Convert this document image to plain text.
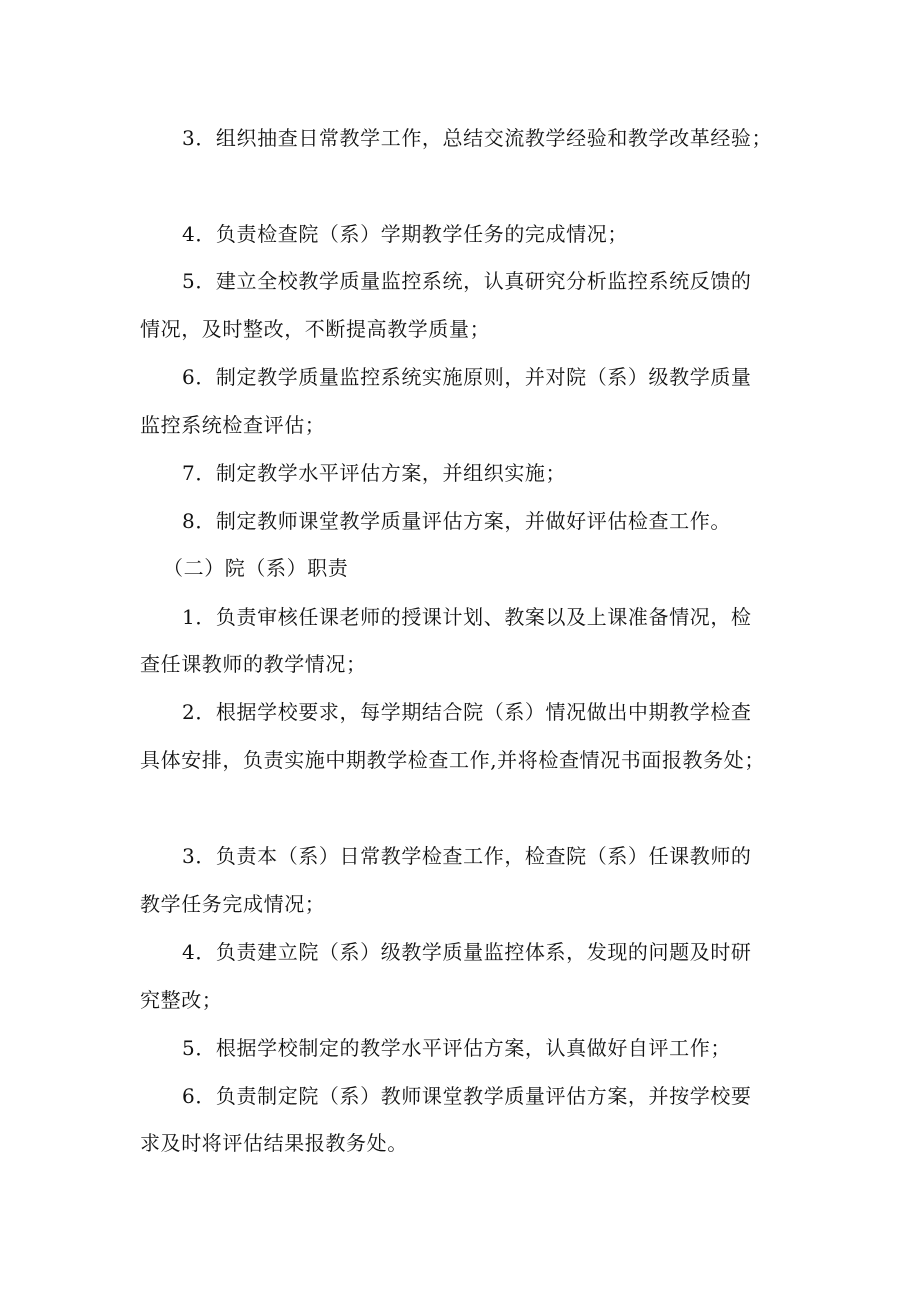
3．组织抽查日常教学工作，总结交流教学经验和教学改革经验；
4．负责检查院（系）学期教学任务的完成情况；
5．建立全校教学质量监控系统，认真研究分析监控系统反馈的
情况，及时整改，不断提高教学质量；
6．制定教学质量监控系统实施原则，并对院（系）级教学质量
监控系统检查评估；
7．制定教学水平评估方案，并组织实施；
8．制定教师课堂教学质量评估方案，并做好评估检查工作。
（二）院（系）职责
1．负责审核任课老师的授课计划、教案以及上课准备情况，检
查任课教师的教学情况；
2．根据学校要求，每学期结合院（系）情况做出中期教学检查
具体安排，负责实施中期教学检查工作,并将检查情况书面报教务处；
3．负责本（系）日常教学检查工作，检查院（系）任课教师的
教学任务完成情况；
4．负责建立院（系）级教学质量监控体系，发现的问题及时研
究整改；
5．根据学校制定的教学水平评估方案，认真做好自评工作；
6．负责制定院（系）教师课堂教学质量评估方案，并按学校要
求及时将评估结果报教务处。
